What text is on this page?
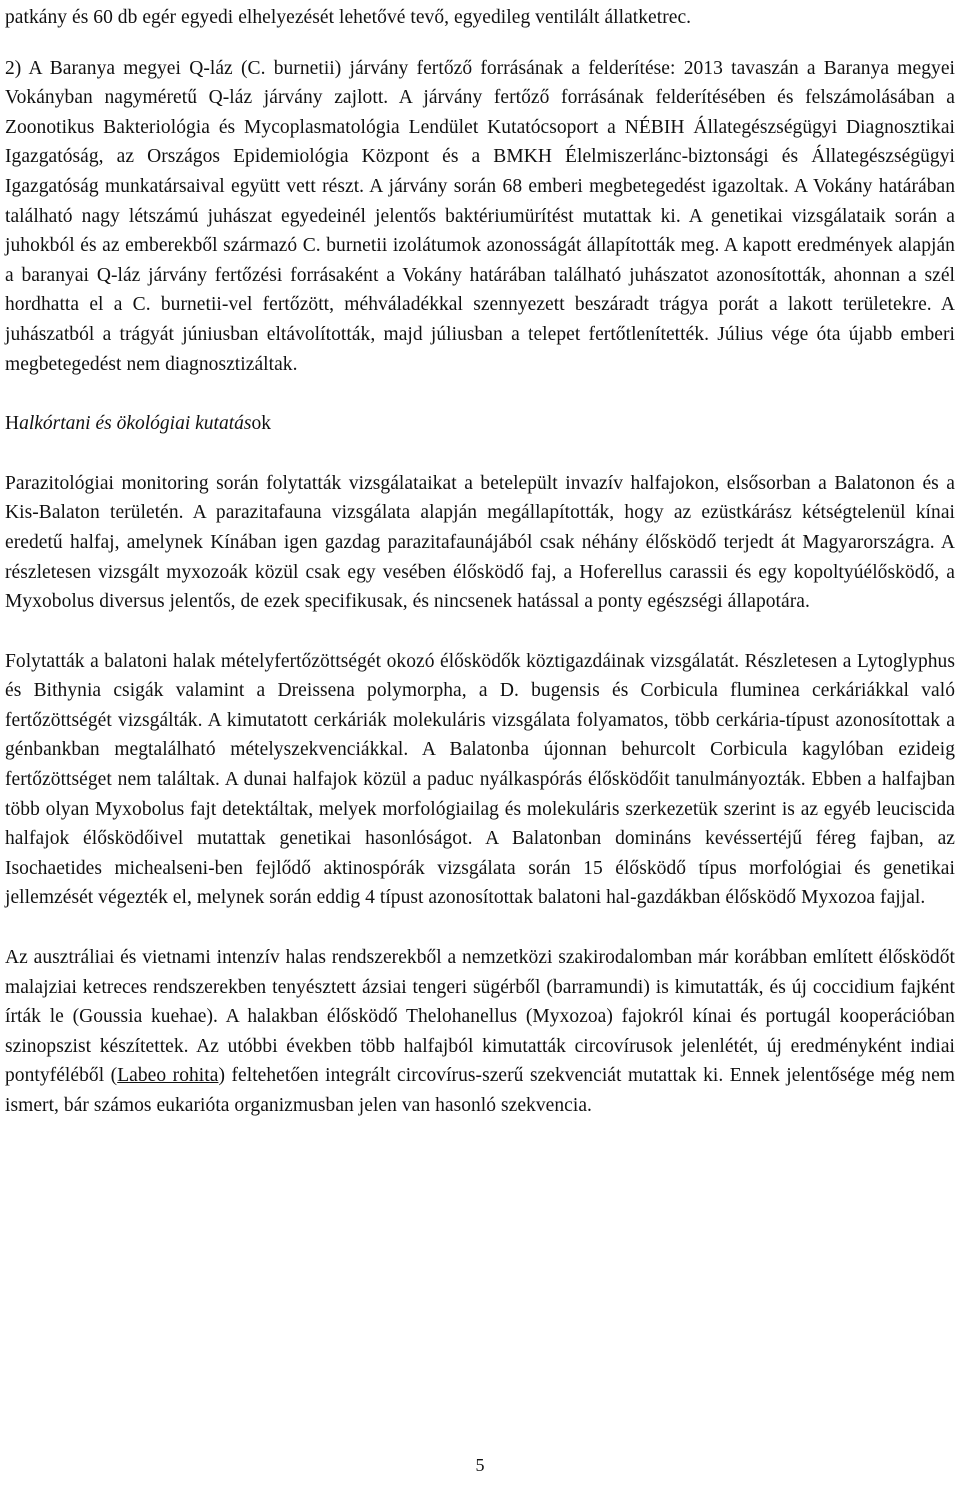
patkány és 60 db egér egyedi elhelyezését lehetővé tevő, egyedileg ventilált állatketrec.

2) A Baranya megyei Q-láz (C. burnetii) járvány fertőző forrásának a felderítése: 2013 tavaszán a Baranya megyei Vokányban nagyméretű Q-láz járvány zajlott. A járvány fertőző forrásának felderítésében és felszámolásában a Zoonotikus Bakteriológia és Mycoplasmatológia Lendület Kutatócsoport a NÉBIH Állategészségügyi Diagnosztikai Igazgatóság, az Országos Epidemiológia Központ és a BMKH Élelmiszerlánc-biztonsági és Állategészségügyi Igazgatóság munkatársaival együtt vett részt. A járvány során 68 emberi megbetegedést igazoltak. A Vokány határában található nagy létszámú juhászat egyedeinél jelentős baktériumürítést mutattak ki. A genetikai vizsgálataik során a juhokból és az emberekből származó C. burnetii izolátumok azonosságát állapították meg. A kapott eredmények alapján a baranyai Q-láz járvány fertőzési forrásaként a Vokány határában található juhászatot azonosították, ahonnan a szél hordhatta el a C. burnetii-vel fertőzött, méhváladékkal szennyezett beszáradt trágya porát a lakott területekre. A juhászatból a trágyát júniusban eltávolították, majd júliusban a telepet fertőtlenítették. Július vége óta újabb emberi megbetegedést nem diagnosztizáltak.

Halkórtani és ökológiai kutatások

Parazitológiai monitoring során folytatták vizsgálataikat a betelepült invazív halfajokon, elsősorban a Balatonon és a Kis-Balaton területén. A parazitafauna vizsgálata alapján megállapították, hogy az ezüstkárász kétségtelenül kínai eredetű halfaj, amelynek Kínában igen gazdag parazitafaunájából csak néhány élősködő terjedt át Magyarországra. A részletesen vizsgált myxozoák közül csak egy vesében élősködő faj, a Hoferellus carassii és egy kopoltyúélősködő, a Myxobolus diversus jelentős, de ezek specifikusak, és nincsenek hatással a ponty egészségi állapotára.

Folytatták a balatoni halak mételyfertőzöttségét okozó élősködők köztigazdáinak vizsgálatát. Részletesen a Lytoglyphus és Bithynia csigák valamint a Dreissena polymorpha, a D. bugensis és Corbicula fluminea cerkáriákkal való fertőzöttségét vizsgálták. A kimutatott cerkáriák molekuláris vizsgálata folyamatos, több cerkária-típust azonosítottak a génbankban megtalálható mételyszekvenciákkal. A Balatonba újonnan behurcolt Corbicula kagylóban ezideig fertőzöttséget nem találtak. A dunai halfajok közül a paduc nyálkaspórás élősködőit tanulmányozták. Ebben a halfajban több olyan Myxobolus fajt detektáltak, melyek morfológiailag és molekuláris szerkezetük szerint is az egyéb leuciscida halfajok élősködőivel mutattak genetikai hasonlóságot. A Balatonban domináns kevéssertéjű féreg fajban, az Isochaetides michealseni-ben fejlődő aktinospórák vizsgálata során 15 élősködő típus morfológiai és genetikai jellemzését végezték el, melynek során eddig 4 típust azonosítottak balatoni hal-gazdákban élősködő Myxozoa fajjal.

Az ausztráliai és vietnami intenzív halas rendszerekből a nemzetközi szakirodalomban már korábban említett élősködőt malajziai ketreces rendszerekben tenyésztett ázsiai tengeri sügérből (barramundi) is kimutatták, és új coccidium fajként írták le (Goussia kuehae). A halakban élősködő Thelohanellus (Myxozoa) fajokról kínai és portugál kooperációban szinopszist készítettek. Az utóbbi években több halfajból kimutatták circovírusok jelenlétét, új eredményként indiai pontyféléből (Labeo rohita) feltehetően integrált circovírus-szerű szekvenciát mutattak ki. Ennek jelentősége még nem ismert, bár számos eukarióta organizmusban jelen van hasonló szekvencia.

5
